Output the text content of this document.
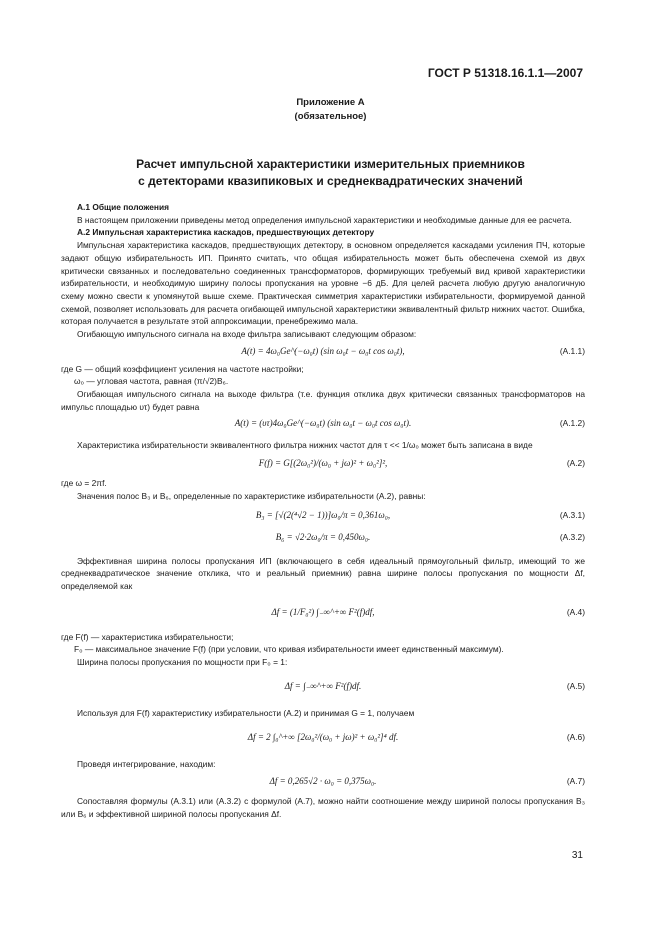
ГОСТ Р 51318.16.1.1—2007
Приложение А
(обязательное)
Расчет импульсной характеристики измерительных приемников
с детекторами квазипиковых и среднеквадратических значений

А.1 Общие положения

В настоящем приложении приведены метод определения импульсной характеристики и необходимые данные для ее расчета.

А.2 Импульсная характеристика каскадов, предшествующих детектору

Импульсная характеристика каскадов, предшествующих детектору, в основном определяется каскадами усиления ПЧ, которые задают общую избирательность ИП. Принято считать, что общая избирательность может быть обеспечена схемой из двух критически связанных и последовательно соединенных трансформаторов, формирующих требуемый вид кривой характеристики избирательности, и необходимую ширину полосы пропускания на уровне −6 дБ. Для целей расчета любую другую аналогичную схему можно свести к упомянутой выше схеме. Практическая симметрия характеристики избирательности, формируемой данной схемой, позволяет использовать для расчета огибающей импульсной характеристики эквивалентный фильтр нижних частот. Ошибка, которая получается в результате этой аппроксимации, пренебрежимо мала.

Огибающую импульсного сигнала на входе фильтра записывают следующим образом:

A(t) = 4ω₀Ge^(−ω₀t) (sin ω₀t − ω₀t cos ω₀t),	(А.1.1)

где G — общий коэффициент усиления на частоте настройки;

ω₀ — угловая частота, равная (π/√2)B₆.

Огибающая импульсного сигнала на выходе фильтра (т.е. функция отклика двух критически связанных трансформаторов на импульс площадью υτ) будет равна

A(t) = (υτ)4ω₀Ge^(−ω₀t) (sin ω₀t − ω₀t cos ω₀t).	(А.1.2)

Характеристика избирательности эквивалентного фильтра нижних частот для τ << 1/ω₀ может быть записана в виде

F(f) = G[(2ω₀²)/(ω₀ + jω)² + ω₀²]²,	(А.2)

где ω = 2πf.

Значения полос B₃ и B₆, определенные по характеристике избирательности (А.2), равны:

B₃ = [√(2(⁴√2 − 1))]ω₀/π = 0,361ω₀,	(А.3.1)
B₆ = √2·2ω₀/π = 0,450ω₀.	(А.3.2)

Эффективная ширина полосы пропускания ИП (включающего в себя идеальный прямоугольный фильтр, имеющий то же среднеквадратическое значение отклика, что и реальный приемник) равна ширине полосы пропускания по мощности Δf, определяемой как

Δf = (1/F₀²) ∫₋∞^+∞ F²(f)df,	(А.4)

где F(f) — характеристика избирательности;

F₀ — максимальное значение F(f) (при условии, что кривая избирательности имеет единственный максимум).

Ширина полосы пропускания по мощности при F₀ = 1:

Δf = ∫₋∞^+∞ F²(f)df.	(А.5)

Используя для F(f) характеристику избирательности (А.2) и принимая G = 1, получаем

Δf = 2 ∫₀^+∞ [2ω₀²/(ω₀ + jω)² + ω₀²]⁴ df.	(А.6)

Проведя интегрирование, находим:

Δf = 0,265√2 · ω₀ = 0,375ω₀.	(А.7)

Сопоставляя формулы (А.3.1) или (А.3.2) с формулой (А.7), можно найти соотношение между шириной полосы пропускания B₃ или B₆ и эффективной шириной полосы пропускания Δf.

31
